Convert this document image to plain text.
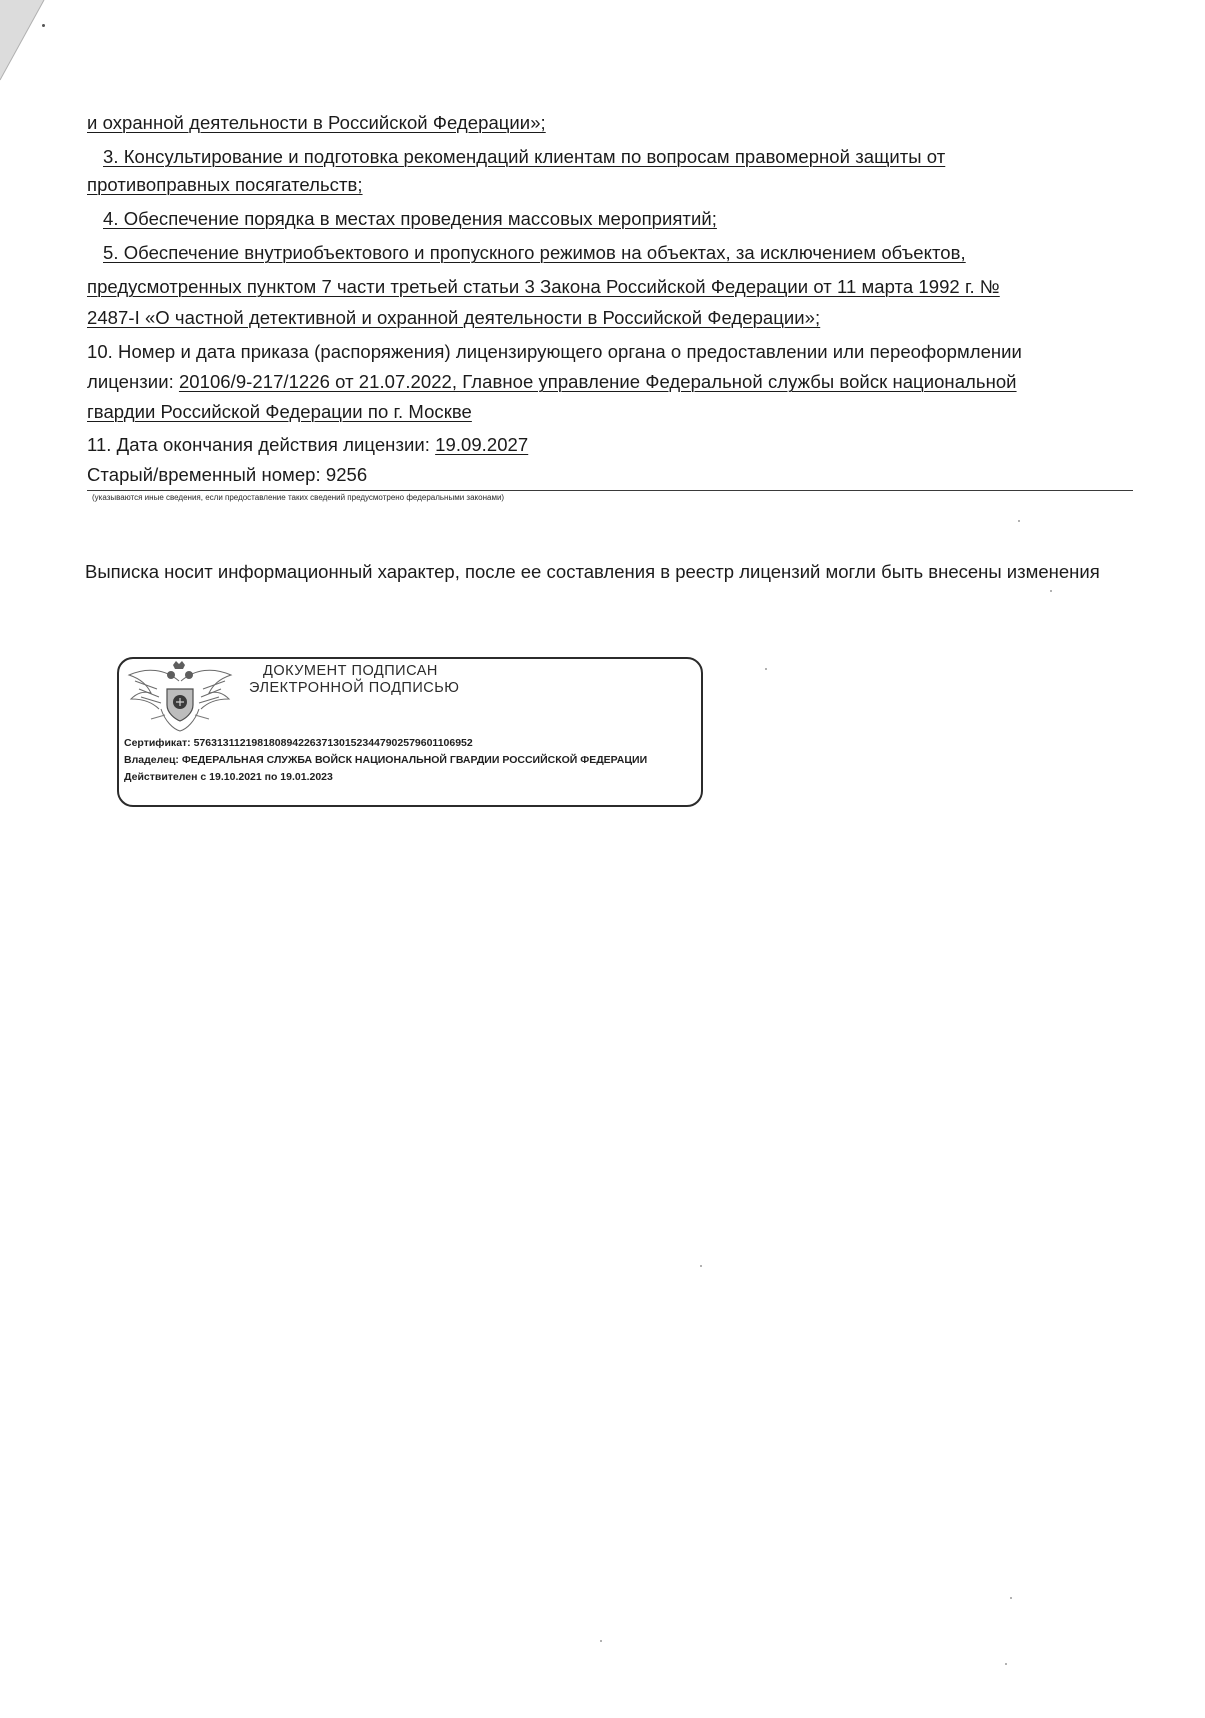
и охранной деятельности в Российской Федерации»;
3. Консультирование и подготовка рекомендаций клиентам по вопросам правомерной защиты от
противоправных посягательств;
4. Обеспечение порядка в местах проведения массовых мероприятий;
5. Обеспечение внутриобъектового и пропускного режимов на объектах, за исключением объектов,
предусмотренных пунктом 7 части третьей статьи 3 Закона Российской Федерации от 11 марта 1992 г. №
2487-I «О частной детективной и охранной деятельности в Российской Федерации»;
10. Номер и дата приказа (распоряжения) лицензирующего органа о предоставлении или переоформлении
лицензии: 20106/9-217/1226 от 21.07.2022, Главное управление Федеральной службы войск национальной
гвардии Российской Федерации по г. Москве
11. Дата окончания действия лицензии: 19.09.2027
Старый/временный номер: 9256
(указываются иные сведения, если предоставление таких сведений предусмотрено федеральными законами)
Выписка носит информационный характер, после ее составления в реестр лицензий могли быть внесены изменения
ДОКУМЕНТ ПОДПИСАН
ЭЛЕКТРОННОЙ ПОДПИСЬЮ
Сертификат: 576313112198180894226371301523447902579601106952
Владелец: ФЕДЕРАЛЬНАЯ СЛУЖБА ВОЙСК НАЦИОНАЛЬНОЙ ГВАРДИИ РОССИЙСКОЙ ФЕДЕРАЦИИ
Действителен с 19.10.2021 по 19.01.2023
